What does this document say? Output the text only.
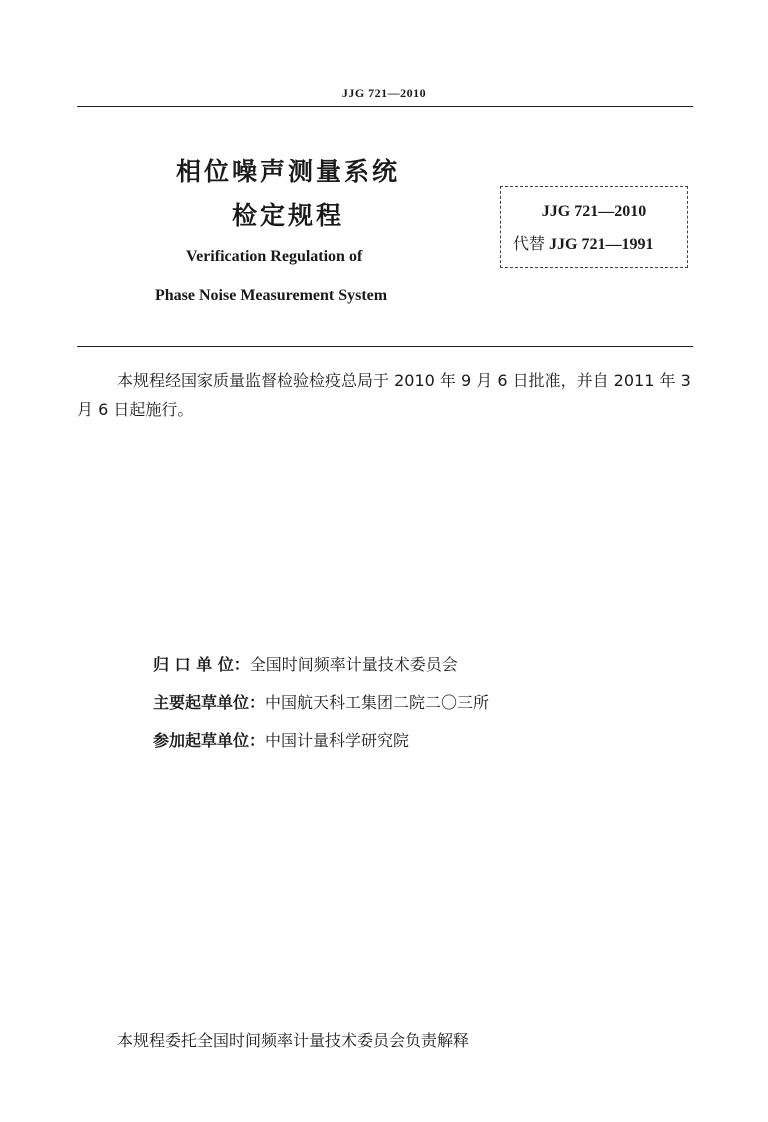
JJG 721—2010
相位噪声测量系统
检定规程
Verification Regulation of
Phase Noise Measurement System
JJG 721—2010
代替 JJG 721—1991
本规程经国家质量监督检验检疫总局于 2010 年 9 月 6 日批准，并自 2011 年 3 月 6 日起施行。
归 口 单 位：全国时间频率计量技术委员会
主要起草单位：中国航天科工集团二院二〇三所
参加起草单位：中国计量科学研究院
本规程委托全国时间频率计量技术委员会负责解释
